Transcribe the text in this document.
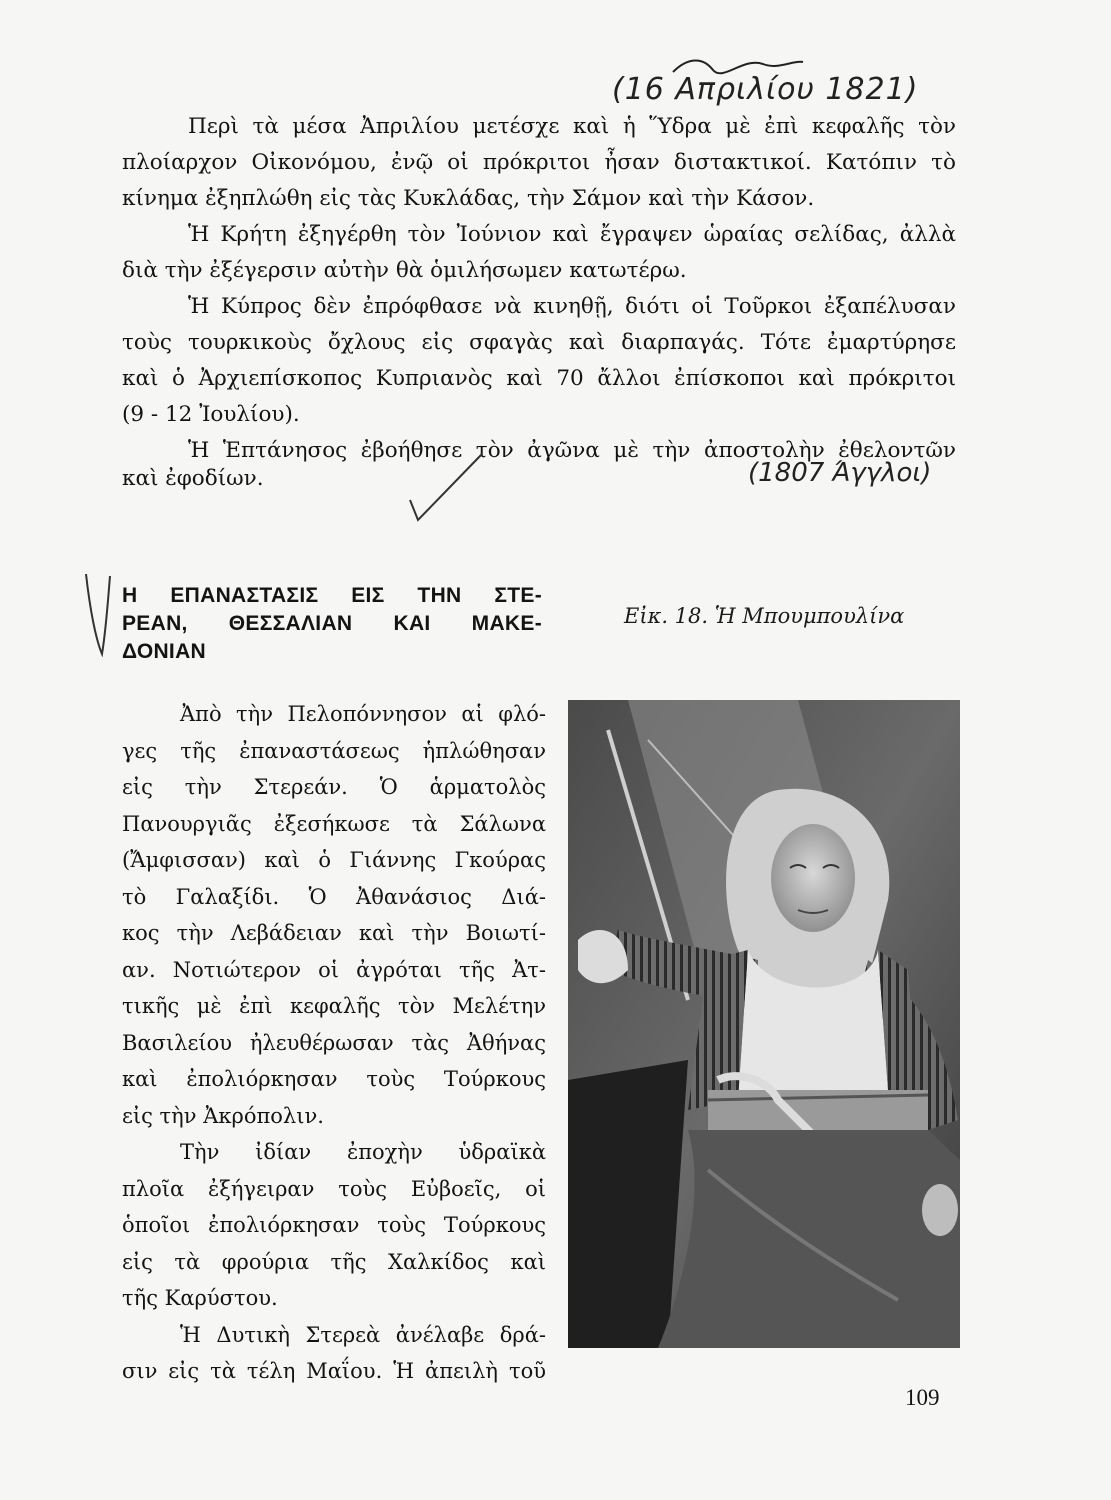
(16 Απριλίου 1821)
(1807 Άγγλοι)
Περὶ τὰ μέσα Ἀπριλίου μετέσχε καὶ ἡ Ὕδρα μὲ ἐπὶ κεφαλῆς τὸν
πλοίαρχον Οἰκονόμου, ἐνῷ οἱ πρόκριτοι ἦσαν διστακτικοί. Κατόπιν τὸ
κίνημα ἐξηπλώθη εἰς τὰς Κυκλάδας, τὴν Σάμον καὶ τὴν Κάσον.
Ἡ Κρήτη ἐξηγέρθη τὸν Ἰούνιον καὶ ἔγραψεν ὡραίας σελίδας, ἀλλὰ
διὰ τὴν ἐξέγερσιν αὐτὴν θὰ ὁμιλήσωμεν κατωτέρω.
Ἡ Κύπρος δὲν ἐπρόφθασε νὰ κινηθῇ, διότι οἱ Τοῦρκοι ἐξαπέλυσαν
τοὺς τουρκικοὺς ὄχλους εἰς σφαγὰς καὶ διαρπαγάς. Τότε ἐμαρτύρησε
καὶ ὁ Ἀρχιεπίσκοπος Κυπριανὸς καὶ 70 ἄλλοι ἐπίσκοποι καὶ πρόκριτοι
(9 - 12 Ἰουλίου).
Ἡ Ἑπτάνησος ἐβοήθησε τὸν ἀγῶνα μὲ τὴν ἀποστολὴν ἐθελοντῶν
καὶ ἐφοδίων.
Η ΕΠΑΝΑΣΤΑΣΙΣ ΕΙΣ ΤΗΝ ΣΤΕ-
ΡΕΑΝ, ΘΕΣΣΑΛΙΑΝ ΚΑΙ ΜΑΚΕ-
ΔΟΝΙΑΝ
Ἀπὸ τὴν Πελοπόννησον αἱ φλό-
γες τῆς ἐπαναστάσεως ἡπλώθησαν
εἰς τὴν Στερεάν. Ὁ ἁρματολὸς
Πανουργιᾶς ἐξεσήκωσε τὰ Σάλωνα
(Ἄμφισσαν) καὶ ὁ Γιάννης Γκούρας
τὸ Γαλαξίδι. Ὁ Ἀθανάσιος Διά-
κος τὴν Λεβάδειαν καὶ τὴν Βοιωτί-
αν. Νοτιώτερον οἱ ἀγρόται τῆς Ἀτ-
τικῆς μὲ ἐπὶ κεφαλῆς τὸν Μελέτην
Βασιλείου ἠλευθέρωσαν τὰς Ἀθήνας
καὶ ἐπολιόρκησαν τοὺς Τούρκους
εἰς τὴν Ἀκρόπολιν.
Τὴν ἰδίαν ἐποχὴν ὑδραϊκὰ
πλοῖα ἐξήγειραν τοὺς Εὐβοεῖς, οἱ
ὁποῖοι ἐπολιόρκησαν τοὺς Τούρκους
εἰς τὰ φρούρια τῆς Χαλκίδος καὶ
τῆς Καρύστου.
Ἡ Δυτικὴ Στερεὰ ἀνέλαβε δρά-
σιν εἰς τὰ τέλη Μαΐου. Ἡ ἀπειλὴ τοῦ
Εἰκ. 18. Ἡ Μπουμπουλίνα
109
